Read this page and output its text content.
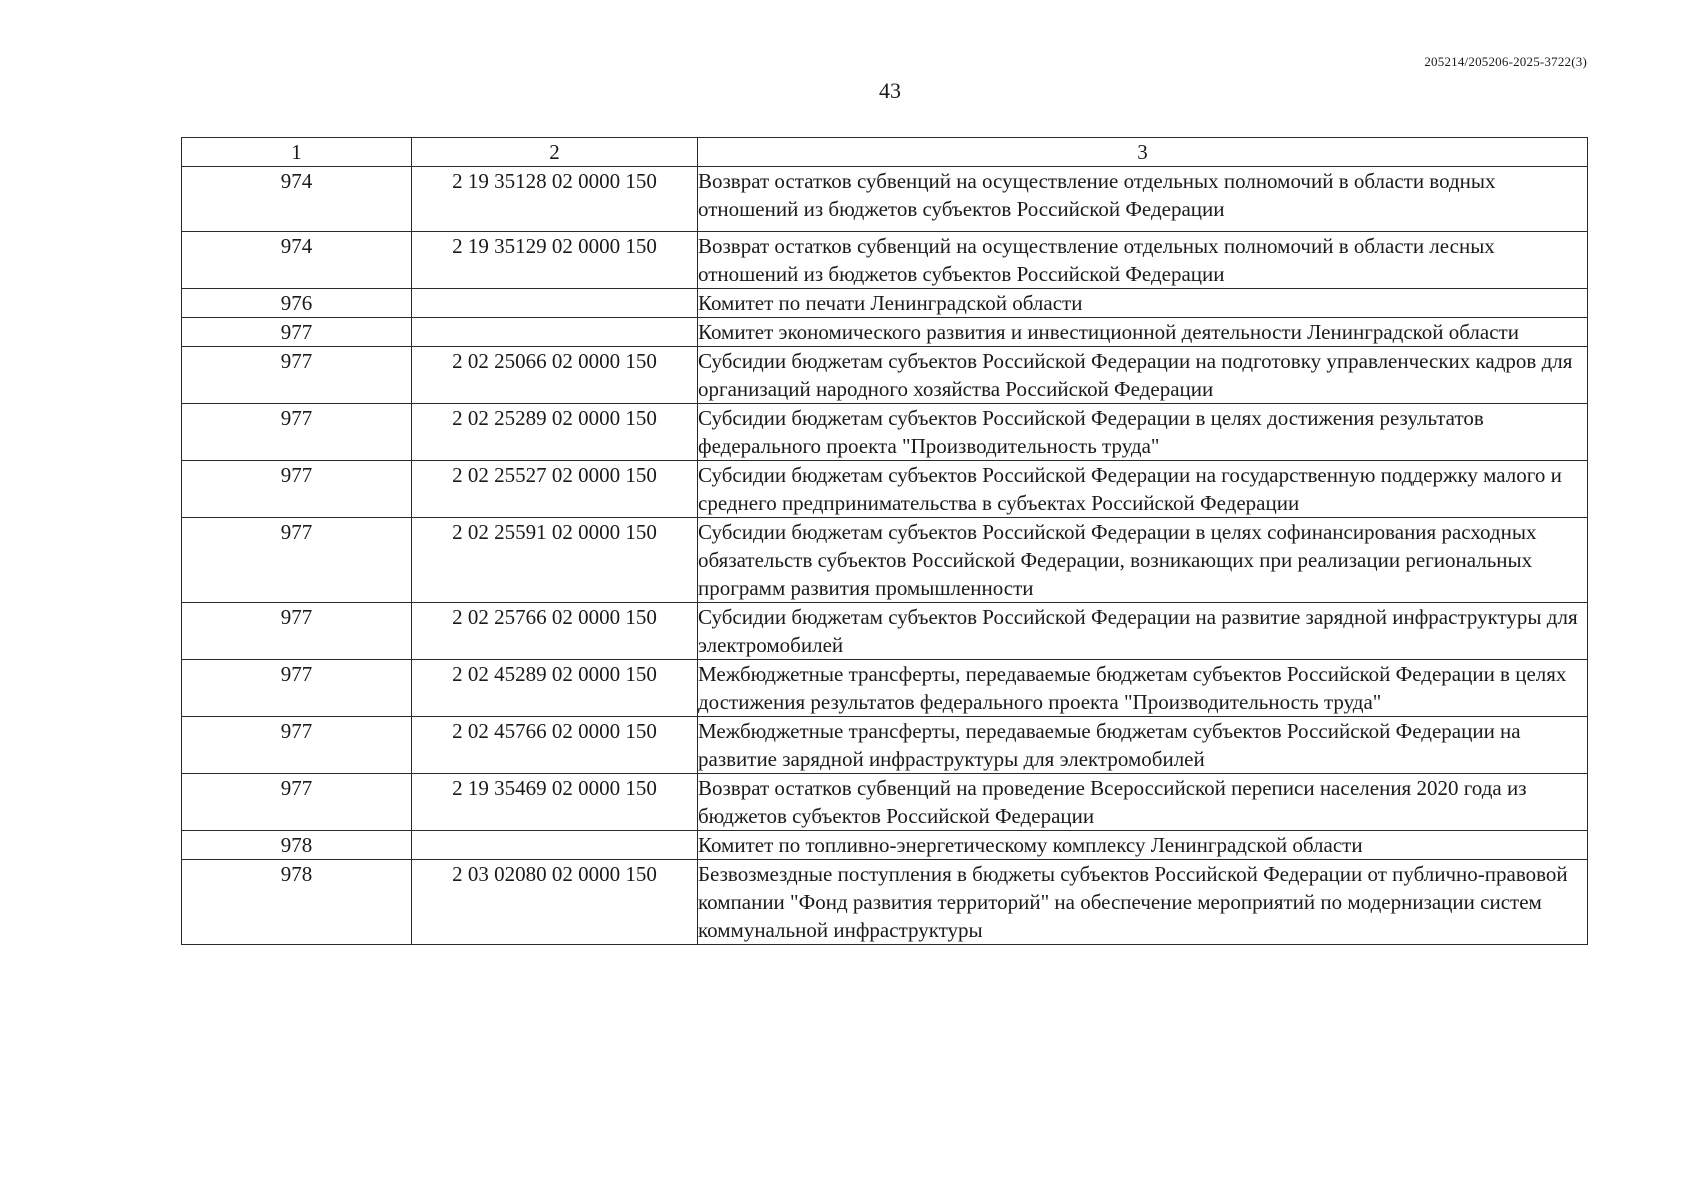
205214/205206-2025-3722(3)
43
1	2	3
974	2 19 35128 02 0000 150	Возврат остатков субвенций на осуществление отдельных полномочий в области водных отношений из бюджетов субъектов Российской Федерации
974	2 19 35129 02 0000 150	Возврат остатков субвенций на осуществление отдельных полномочий в области лесных отношений из бюджетов субъектов Российской Федерации
976		Комитет по печати Ленинградской области
977		Комитет экономического развития и инвестиционной деятельности Ленинградской области
977	2 02 25066 02 0000 150	Субсидии бюджетам субъектов Российской Федерации на подготовку управленческих кадров для организаций народного хозяйства Российской Федерации
977	2 02 25289 02 0000 150	Субсидии бюджетам субъектов Российской Федерации в целях достижения результатов федерального проекта "Производительность труда"
977	2 02 25527 02 0000 150	Субсидии бюджетам субъектов Российской Федерации на государственную поддержку малого и среднего предпринимательства в субъектах Российской Федерации
977	2 02 25591 02 0000 150	Субсидии бюджетам субъектов Российской Федерации в целях софинансирования расходных обязательств субъектов Российской Федерации, возникающих при реализации региональных программ развития промышленности
977	2 02 25766 02 0000 150	Субсидии бюджетам субъектов Российской Федерации на развитие зарядной инфраструктуры для электромобилей
977	2 02 45289 02 0000 150	Межбюджетные трансферты, передаваемые бюджетам субъектов Российской Федерации в целях достижения результатов федерального проекта "Производительность труда"
977	2 02 45766 02 0000 150	Межбюджетные трансферты, передаваемые бюджетам субъектов Российской Федерации на развитие зарядной инфраструктуры для электромобилей
977	2 19 35469 02 0000 150	Возврат остатков субвенций на проведение Всероссийской переписи населения 2020 года из бюджетов субъектов Российской Федерации
978		Комитет по топливно-энергетическому комплексу Ленинградской области
978	2 03 02080 02 0000 150	Безвозмездные поступления в бюджеты субъектов Российской Федерации от публично-правовой компании "Фонд развития территорий" на обеспечение мероприятий по модернизации систем коммунальной инфраструктуры
